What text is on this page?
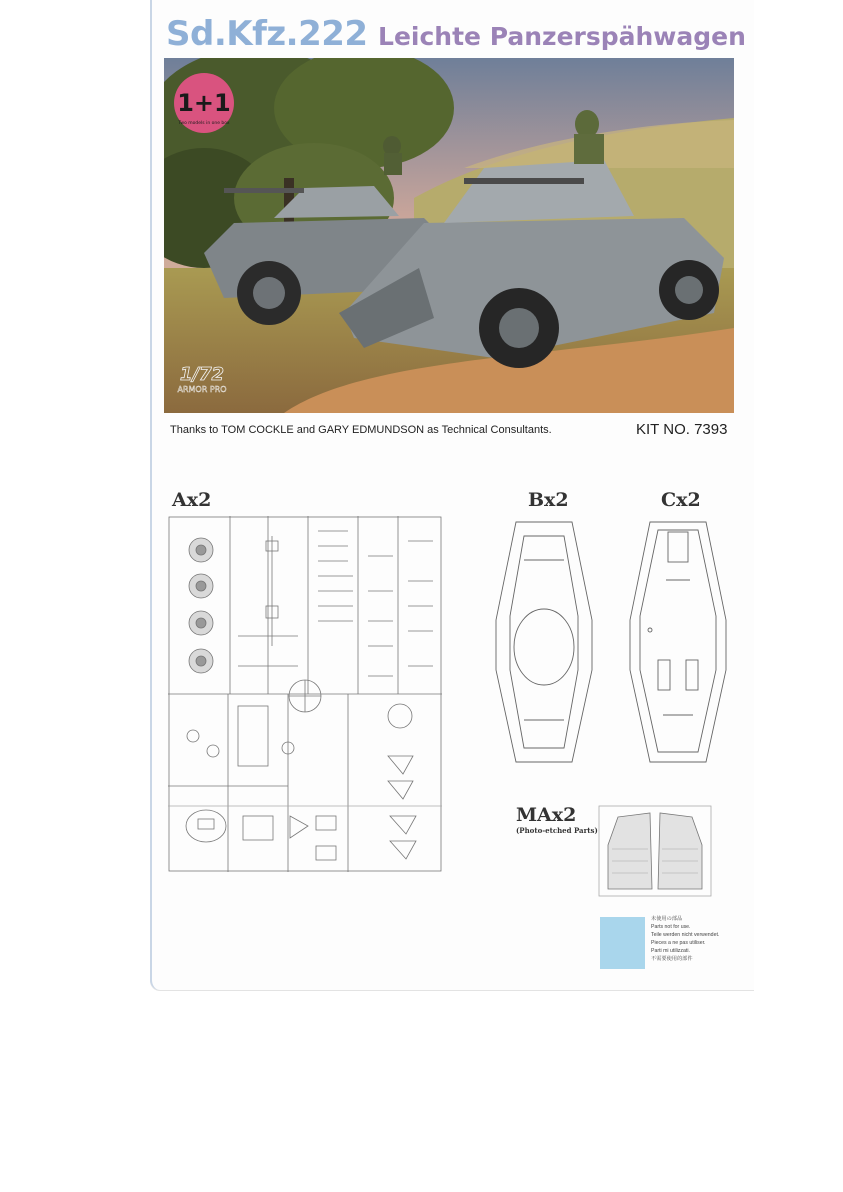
Sd.Kfz.222 Leichte Panzerspähwagen
1+1
Two models in one box
1/72
ARMOR PRO
Thanks to TOM COCKLE and GARY EDMUNDSON as Technical Consultants.	KIT NO. 7393
Ax2	Bx2	Cx2
MAx2
(Photo-etched Parts)
未使用の部品
Parts not for use.
Teile werden nicht verwendet.
Pieces a ne pas utiliser.
Parti mi utilizzati.
不需要使用的部件
